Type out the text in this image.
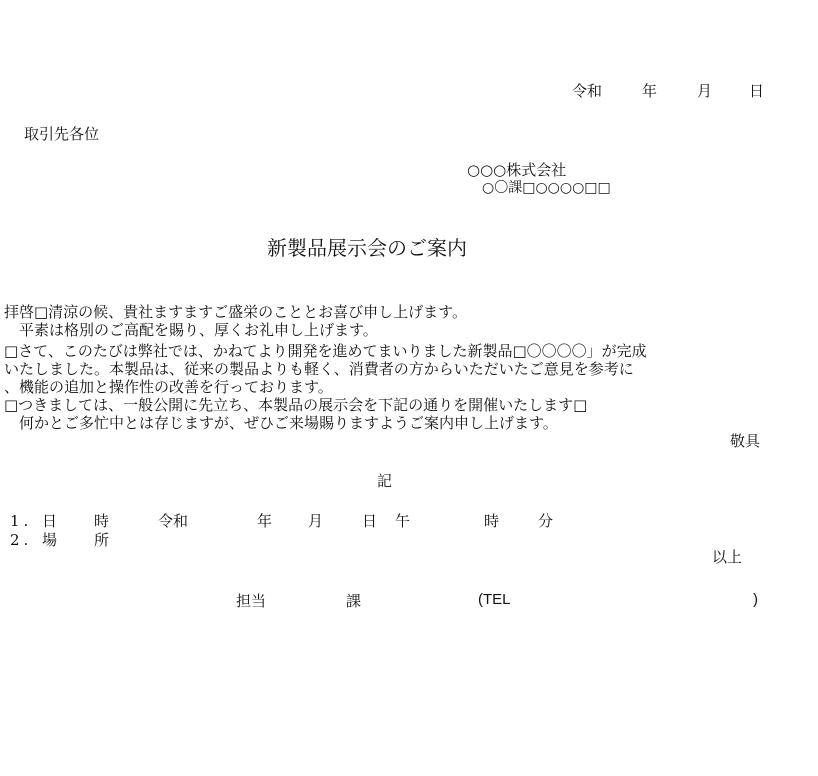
令和	年	月 日
取引先各位
○○○株式会社
○〇課□○○○○□□
新製品展示会のご案内
拝啓□清涼の候、貴社ますますご盛栄のこととお喜び申し上げます。
　平素は格別のご高配を賜り、厚くお礼申し上げます。
□さて、このたびは弊社では、かねてより開発を進めてまいりました新製品□〇〇〇〇」が完成
いたしました。本製品は、従来の製品よりも軽く、消費者の方からいただいたご意見を参考に
、機能の追加と操作性の改善を行っております。
□つきましては、一般公開に先立ち、本製品の展示会を下記の通りを開催いたします□
　何かとご多忙中とは存じますが、ぜひご来場賜りますようご案内申し上げます。
敬具
記
1. 日 時	令和	年 月	日 午	時	分
2. 場 所
以上
担当	課	(TEL	)
